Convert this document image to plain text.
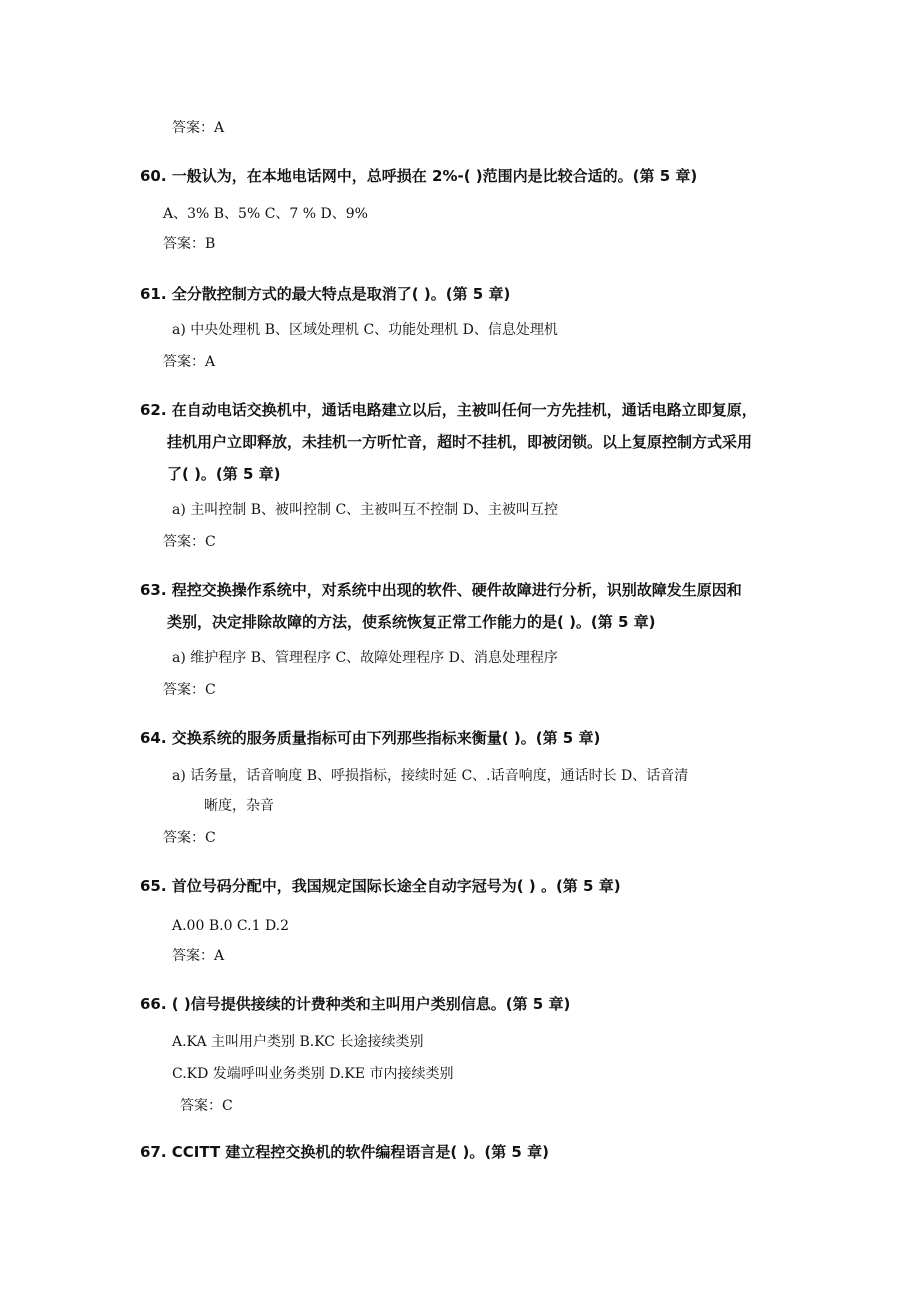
答案：A
60. 一般认为，在本地电话网中，总呼损在 2%-( )范围内是比较合适的。(第 5 章)
A、3% B、5% C、7 % D、9%
答案：B
61. 全分散控制方式的最大特点是取消了( )。(第 5 章)
a) 中央处理机 B、区域处理机 C、功能处理机 D、信息处理机
答案：A
62. 在自动电话交换机中，通话电路建立以后，主被叫任何一方先挂机，通话电路立即复原，
挂机用户立即释放，未挂机一方听忙音，超时不挂机，即被闭锁。以上复原控制方式采用
了( )。(第 5 章)
a) 主叫控制 B、被叫控制 C、主被叫互不控制 D、主被叫互控
答案：C
63. 程控交换操作系统中，对系统中出现的软件、硬件故障进行分析，识别故障发生原因和
类别，决定排除故障的方法，使系统恢复正常工作能力的是( )。(第 5 章)
a) 维护程序 B、管理程序 C、故障处理程序 D、消息处理程序
答案：C
64. 交换系统的服务质量指标可由下列那些指标来衡量( )。(第 5 章)
a) 话务量，话音响度 B、呼损指标，接续时延 C、.话音响度，通话时长 D、话音清
晰度，杂音
答案：C
65. 首位号码分配中，我国规定国际长途全自动字冠号为( ) 。(第 5 章)
A.00 B.0 C.1 D.2
答案：A
66. ( )信号提供接续的计费种类和主叫用户类别信息。(第 5 章)
A.KA 主叫用户类别 B.KC 长途接续类别
C.KD 发端呼叫业务类别 D.KE 市内接续类别
答案：C
67. CCITT 建立程控交换机的软件编程语言是( )。(第 5 章)
